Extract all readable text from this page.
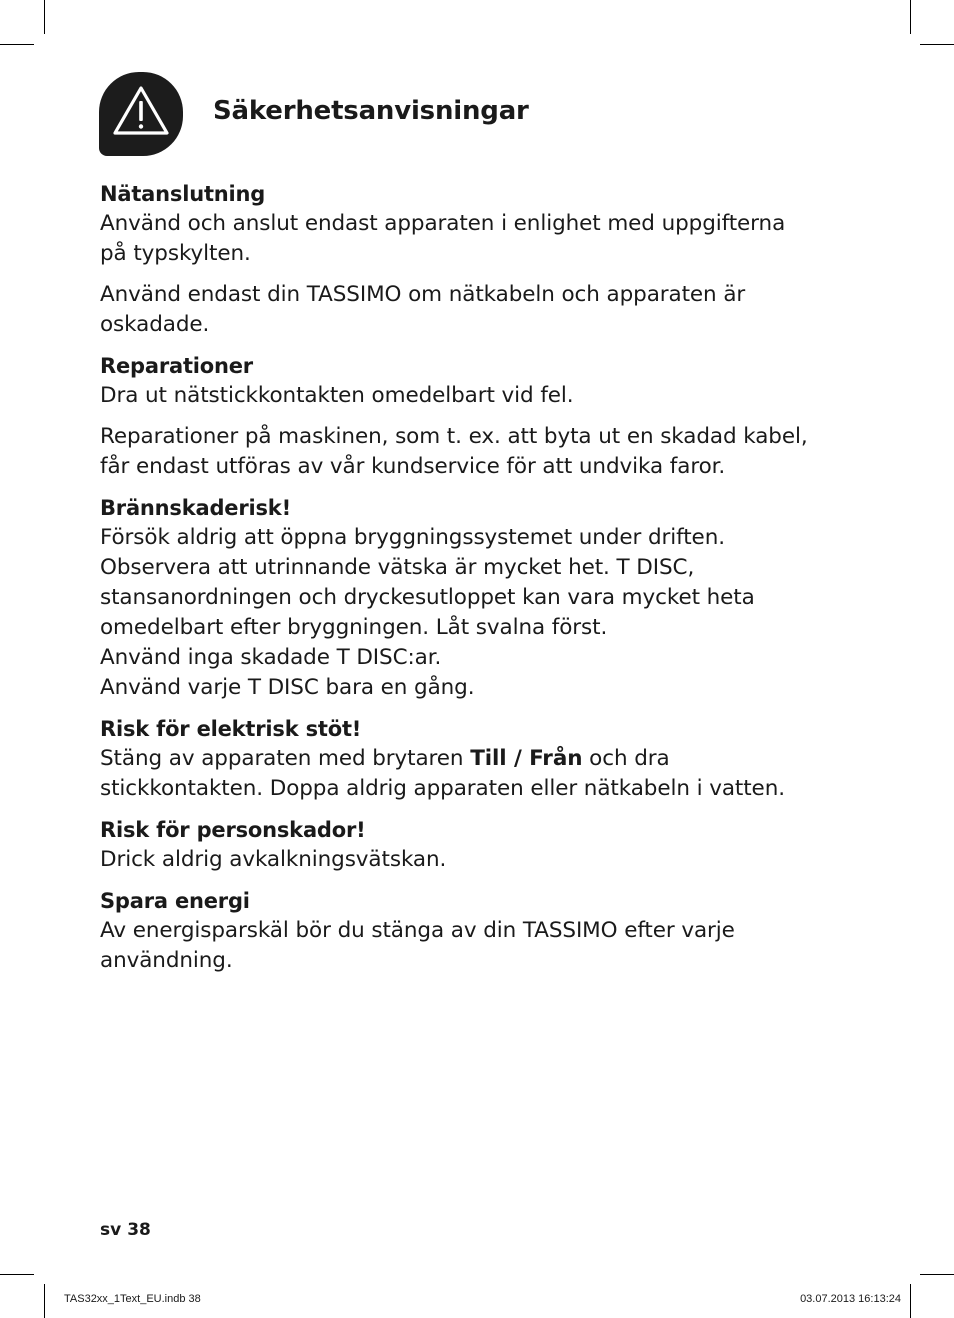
Säkerhetsanvisningar
Nätanslutning

Använd och anslut endast apparaten i enlighet med uppgifterna
på typskylten.

Använd endast din TASSIMO om nätkabeln och apparaten är
oskadade.

Reparationer

Dra ut nätstickkontakten omedelbart vid fel.

Reparationer på maskinen, som t. ex. att byta ut en skadad kabel,
får endast utföras av vår kundservice för att undvika faror.

Brännskaderisk!

Försök aldrig att öppna bryggningssystemet under driften.
Observera att utrinnande vätska är mycket het. T DISC,
stansanordningen och dryckesutloppet kan vara mycket heta
omedelbart efter bryggningen. Låt svalna först.
Använd inga skadade T DISC:ar.
Använd varje T DISC bara en gång.

Risk för elektrisk stöt!

Stäng av apparaten med brytaren Till / Från och dra
stickkontakten. Doppa aldrig apparaten eller nätkabeln i vatten.

Risk för personskador!

Drick aldrig avkalkningsvätskan.

Spara energi

Av energisparskäl bör du stänga av din TASSIMO efter varje
användning.

sv 38
TAS32xx_1Text_EU.indb 38	03.07.2013 16:13:24
